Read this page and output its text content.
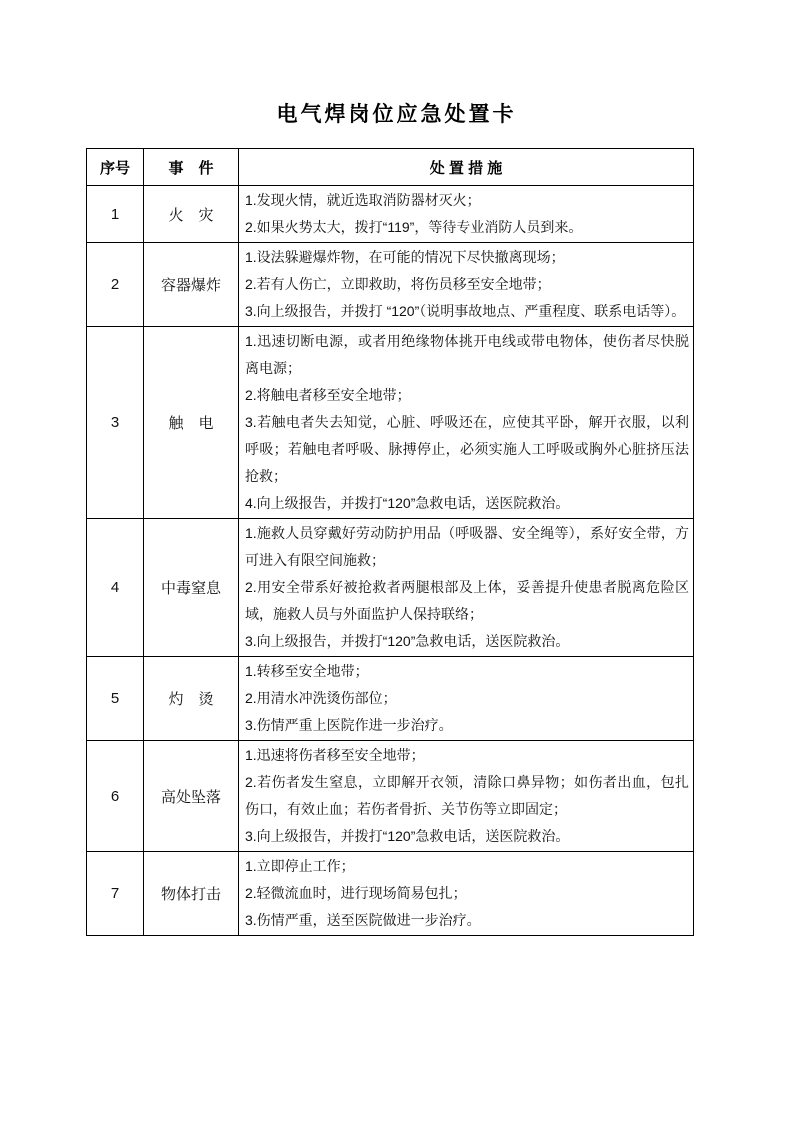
电气焊岗位应急处置卡
序号	事　件	处 置 措 施
1	火　灾	1.发现火情，就近选取消防器材灭火；

2.如果火势太大，拨打“119”，等待专业消防人员到来。

2	容器爆炸	1.设法躲避爆炸物，在可能的情况下尽快撤离现场；

2.若有人伤亡，立即救助，将伤员移至安全地带；

3.向上级报告，并拨打 “120”（说明事故地点、严重程度、联系电话等）。

3	触　电	1.迅速切断电源，或者用绝缘物体挑开电线或带电物体，使伤者尽快脱离电源；

2.将触电者移至安全地带；

3.若触电者失去知觉，心脏、呼吸还在，应使其平卧，解开衣服，以利呼吸；若触电者呼吸、脉搏停止，必须实施人工呼吸或胸外心脏挤压法抢救；

4.向上级报告，并拨打“120”急救电话，送医院救治。

4	中毒窒息	1.施救人员穿戴好劳动防护用品（呼吸器、安全绳等），系好安全带，方可进入有限空间施救；

2.用安全带系好被抢救者两腿根部及上体，妥善提升使患者脱离危险区域，施救人员与外面监护人保持联络；

3.向上级报告，并拨打“120”急救电话，送医院救治。

5	灼　烫	1.转移至安全地带；

2.用清水冲洗烫伤部位；

3.伤情严重上医院作进一步治疗。

6	高处坠落	1.迅速将伤者移至安全地带；

2.若伤者发生窒息，立即解开衣领，清除口鼻异物；如伤者出血，包扎伤口，有效止血；若伤者骨折、关节伤等立即固定；

3.向上级报告，并拨打“120”急救电话，送医院救治。

7	物体打击	1.立即停止工作；

2.轻微流血时，进行现场简易包扎；

3.伤情严重，送至医院做进一步治疗。
